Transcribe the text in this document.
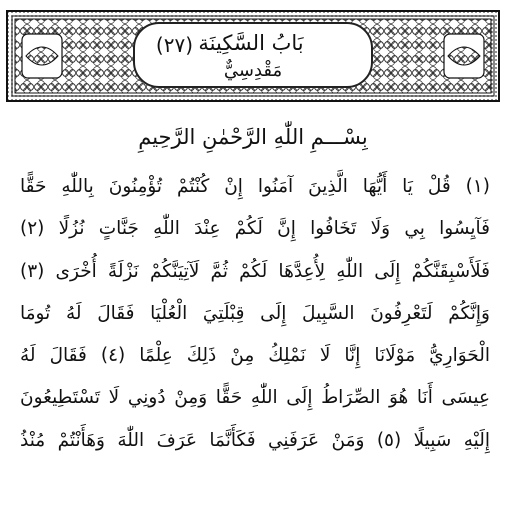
بَابُ السَّكِينَة
(٢٧)
مَقْدِسِيٌّ
بِسْـــمِ اللّٰهِ الرَّحْمٰنِ الرَّحِيمِ
(١) قُلْ يَا أَيُّهَا الَّذِينَ آمَنُوا إِنْ كُنْتُمْ تُؤْمِنُونَ بِاللّٰهِ حَقًّا
فَآيِسُوا بِي وَلَا تَخَافُوا إِنَّ لَكُمْ عِنْدَ اللّٰهِ جَنَّاتٍ نُزُلًا (٢)
فَلَأَسْبِقَنَّكُمْ إِلَى اللّٰهِ لِأُعِدَّهَا لَكُمْ ثُمَّ لَآتِيَنَّكُمْ نَزْلَةً أُخْرَى (٣)
وَإِنَّكُمْ لَتَعْرِفُونَ السَّبِيلَ إِلَى قِبْلَتِيَ الْعُلْيَا فَقَالَ لَهُ تُومَا
الْحَوَارِيُّ مَوْلَانَا إِنَّا لَا نَمْلِكُ مِنْ ذَلِكَ عِلْمًا (٤) فَقَالَ لَهُ
عِيسَى أَنَا هُوَ الصِّرَاطُ إِلَى اللّٰهِ حَقًّا وَمِنْ دُونِي لَا تَسْتَطِيعُونَ
إِلَيْهِ سَبِيلًا (٥) وَمَنْ عَرَفَنِي فَكَأَنَّمَا عَرَفَ اللّٰهَ وَهَأَنْتُمْ مُنْذُ
